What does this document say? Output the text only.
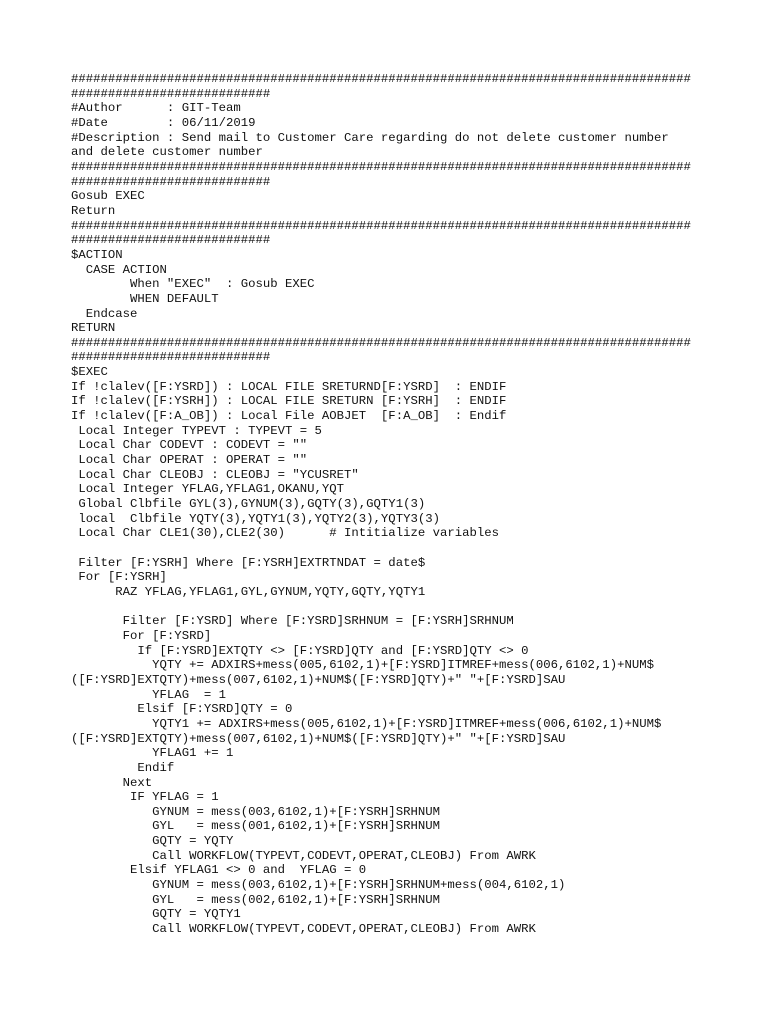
####################################################################################
###########################
#Author      : GIT-Team
#Date        : 06/11/2019
#Description : Send mail to Customer Care regarding do not delete customer number
and delete customer number
####################################################################################
###########################
Gosub EXEC
Return
####################################################################################
###########################
$ACTION
CASE ACTION
When "EXEC"  : Gosub EXEC
WHEN DEFAULT
Endcase
RETURN
####################################################################################
###########################
$EXEC
If !clalev([F:YSRD]) : LOCAL FILE SRETURND[F:YSRD]  : ENDIF
If !clalev([F:YSRH]) : LOCAL FILE SRETURN [F:YSRH]  : ENDIF
If !clalev([F:A_OB]) : Local File AOBJET  [F:A_OB]  : Endif
Local Integer TYPEVT : TYPEVT = 5
Local Char CODEVT : CODEVT = ""
Local Char OPERAT : OPERAT = ""
Local Char CLEOBJ : CLEOBJ = "YCUSRET"
Local Integer YFLAG,YFLAG1,OKANU,YQT
Global Clbfile GYL(3),GYNUM(3),GQTY(3),GQTY1(3)
local  Clbfile YQTY(3),YQTY1(3),YQTY2(3),YQTY3(3)
Local Char CLE1(30),CLE2(30)      # Intitialize variables
Filter [F:YSRH] Where [F:YSRH]EXTRTNDAT = date$
For [F:YSRH]
RAZ YFLAG,YFLAG1,GYL,GYNUM,YQTY,GQTY,YQTY1
Filter [F:YSRD] Where [F:YSRD]SRHNUM = [F:YSRH]SRHNUM
For [F:YSRD]
If [F:YSRD]EXTQTY <> [F:YSRD]QTY and [F:YSRD]QTY <> 0
YQTY += ADXIRS+mess(005,6102,1)+[F:YSRD]ITMREF+mess(006,6102,1)+NUM$
([F:YSRD]EXTQTY)+mess(007,6102,1)+NUM$([F:YSRD]QTY)+" "+[F:YSRD]SAU
YFLAG  = 1
Elsif [F:YSRD]QTY = 0
YQTY1 += ADXIRS+mess(005,6102,1)+[F:YSRD]ITMREF+mess(006,6102,1)+NUM$
([F:YSRD]EXTQTY)+mess(007,6102,1)+NUM$([F:YSRD]QTY)+" "+[F:YSRD]SAU
YFLAG1 += 1
Endif
Next
IF YFLAG = 1
GYNUM = mess(003,6102,1)+[F:YSRH]SRHNUM
GYL   = mess(001,6102,1)+[F:YSRH]SRHNUM
GQTY = YQTY
Call WORKFLOW(TYPEVT,CODEVT,OPERAT,CLEOBJ) From AWRK
Elsif YFLAG1 <> 0 and  YFLAG = 0
GYNUM = mess(003,6102,1)+[F:YSRH]SRHNUM+mess(004,6102,1)
GYL   = mess(002,6102,1)+[F:YSRH]SRHNUM
GQTY = YQTY1
Call WORKFLOW(TYPEVT,CODEVT,OPERAT,CLEOBJ) From AWRK
